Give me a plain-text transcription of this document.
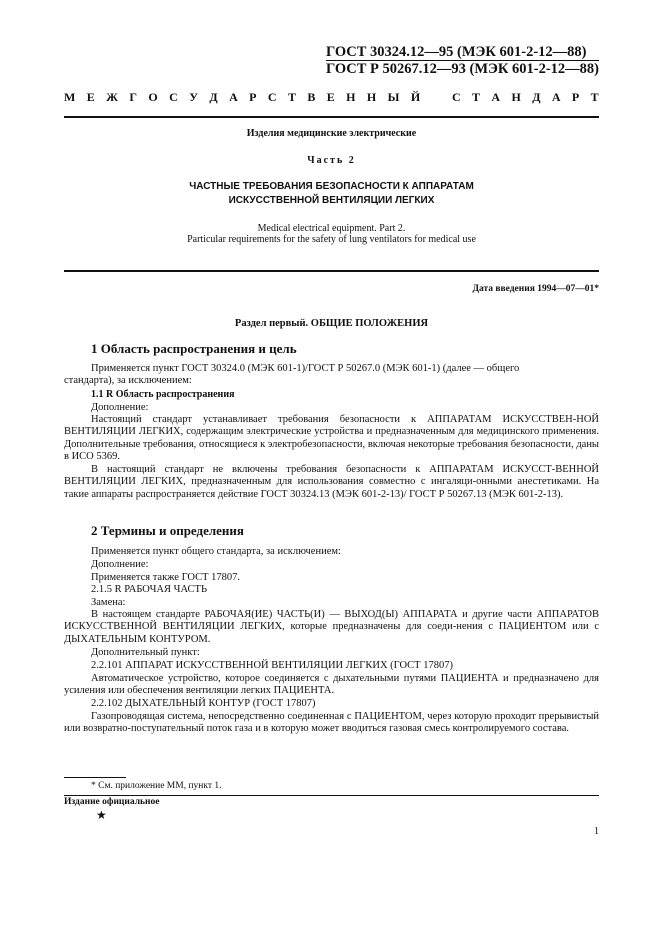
ГОСТ 30324.12—95 (МЭК 601-2-12—88)
ГОСТ Р 50267.12—93 (МЭК 601-2-12—88)
М Е Ж Г О С У Д А Р С Т В Е Н Н Ы Й
	С Т А Н Д А Р Т
Изделия медицинские электрические
Часть 2
ЧАСТНЫЕ ТРЕБОВАНИЯ БЕЗОПАСНОСТИ К АППАРАТАМ
ИСКУССТВЕННОЙ ВЕНТИЛЯЦИИ ЛЕГКИХ
Medical electrical equipment. Part 2.
Particular requirements for the safety of lung ventilators for medical use
Дата введения 1994—07—01*
Раздел первый. ОБЩИЕ ПОЛОЖЕНИЯ
1 Область распространения и цель

Применяется пункт ГОСТ 30324.0 (МЭК 601-1)/ГОСТ Р 50267.0 (МЭК 601-1) (далее — общего

стандарта), за исключением:

1.1 R Область распространения
Дополнение:

Настоящий стандарт устанавливает требования безопасности к АППАРАТАМ ИСКУССТВЕН-НОЙ ВЕНТИЛЯЦИИ ЛЕГКИХ, содержащим электрические устройства и предназначенным для медицинского применения. Дополнительные требования, относящиеся к электробезопасности, включая некоторые требования безопасности, даны в ИСО 5369.

В настоящий стандарт не включены требования безопасности к АППАРАТАМ ИСКУССТ-ВЕННОЙ ВЕНТИЛЯЦИИ ЛЕГКИХ, предназначенным для использования совместно с ингаляци-онными анестетиками. На такие аппараты распространяется действие ГОСТ 30324.13 (МЭК 601-2-13)/ ГОСТ Р 50267.13 (МЭК 601-2-13).

2 Термины и определения
Применяется пункт общего стандарта, за исключением:
Дополнение:
Применяется также ГОСТ 17807.
2.1.5 R РАБОЧАЯ ЧАСТЬ
Замена:

В настоящем стандарте РАБОЧАЯ(ИЕ) ЧАСТЬ(И) — ВЫХОД(Ы) АППАРАТА и другие части АППАРАТОВ ИСКУССТВЕННОЙ ВЕНТИЛЯЦИИ ЛЕГКИХ, которые предназначены для соеди-нения с ПАЦИЕНТОМ или с ДЫХАТЕЛЬНЫМ КОНТУРОМ.

Дополнительный пункт:
2.2.101 АППАРАТ ИСКУССТВЕННОЙ ВЕНТИЛЯЦИИ ЛЕГКИХ (ГОСТ 17807)

Автоматическое устройство, которое соединяется с дыхательными путями ПАЦИЕНТА и предназначено для усиления или обеспечения вентиляции легких ПАЦИЕНТА.

2.2.102 ДЫХАТЕЛЬНЫЙ КОНТУР (ГОСТ 17807)

Газопроводящая система, непосредственно соединенная с ПАЦИЕНТОМ, через которую проходит прерывистый или возвратно-поступательный поток газа и в которую может вводиться газовая смесь контролируемого состава.

* См. приложение ММ, пункт 1.
Издание официальное
★
1
